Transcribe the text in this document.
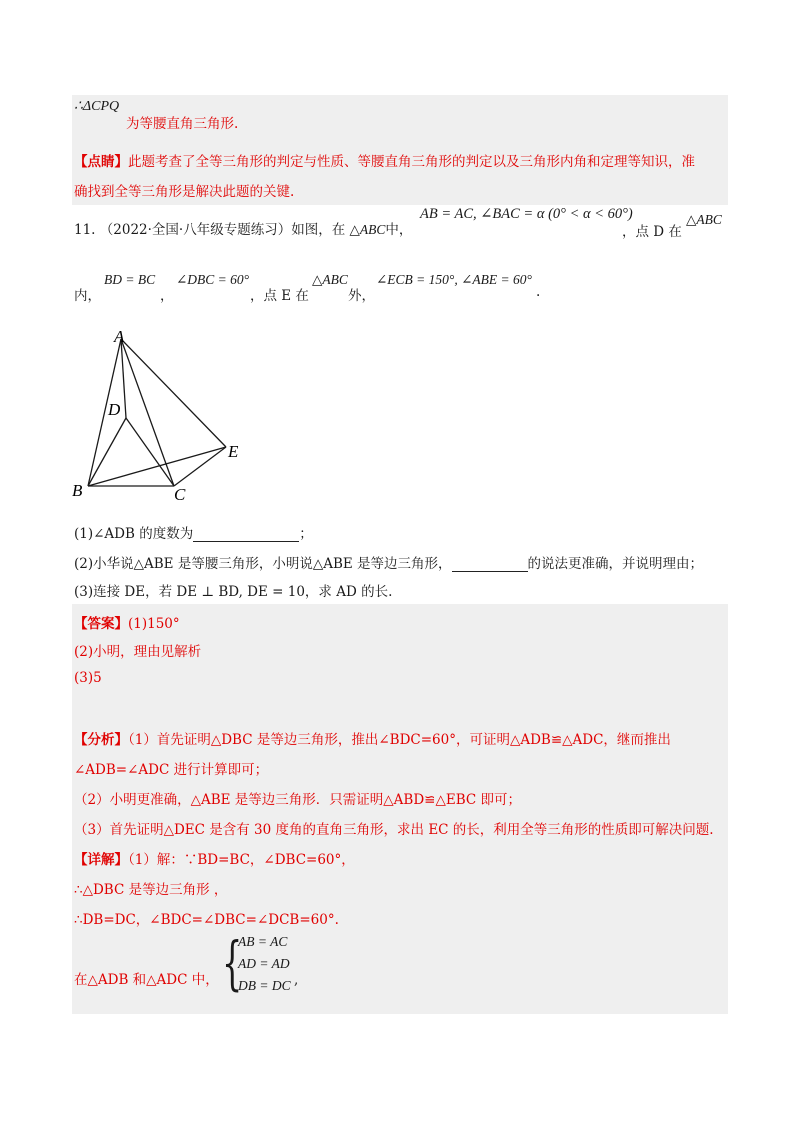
∴ΔCPQ
为等腰直角三角形.
【点睛】此题考查了全等三角形的判定与性质、等腰直角三角形的判定以及三角形内角和定理等知识，准
确找到全等三角形是解决此题的关键.
11. （2022·全国·八年级专题练习）如图，在 △ABC中，
AB = AC, ∠BAC = α (0° < α < 60°)
，点 D 在
△ABC
内，
BD = BC
，
∠DBC = 60°
，点 E 在
△ABC
外，
∠ECB = 150°, ∠ABE = 60°
.
A
D
E
B	C
(1)∠ADB 的度数为	；
(2)小华说△ABE 是等腰三角形，小明说△ABE 是等边三角形，	的说法更准确，并说明理由；
(3)连接 DE，若 DE ⊥ BD, DE = 10，求 AD 的长.
【答案】(1)150°
(2)小明，理由见解析
(3)5
【分析】（1）首先证明△DBC 是等边三角形，推出∠BDC=60°，可证明△ADB≌△ADC，继而推出
∠ADB=∠ADC 进行计算即可；
（2）小明更准确，△ABE 是等边三角形．只需证明△ABD≌△EBC 即可；
（3）首先证明△DEC 是含有 30 度角的直角三角形，求出 EC 的长，利用全等三角形的性质即可解决问题.
【详解】（1）解：∵BD=BC，∠DBC=60°，
∴△DBC 是等边三角形 ，
∴DB=DC，∠BDC=∠DBC=∠DCB=60°.
在△ADB 和△ADC 中， {
AB = AC
AD = AD
DB = DC ,
